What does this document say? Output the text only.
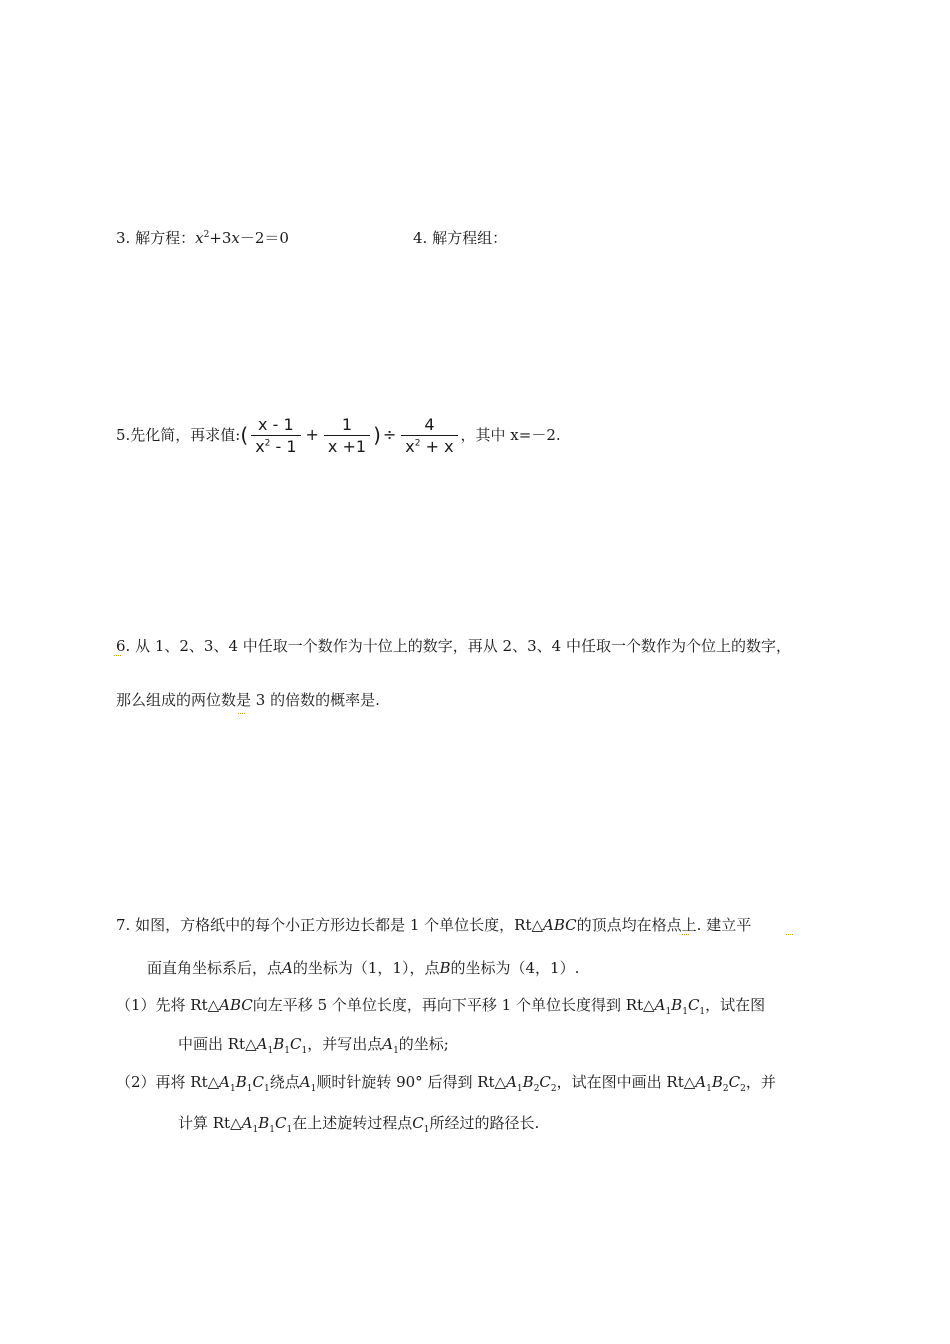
3. 解方程：$x^2+3x-2=0$	4. 解方程组：
5.先化简，再求值:( $\frac{x - 1}{x^2 - 1} + \frac{1}{x +1}$ ) ÷ $\frac{4}{x^2 + x}$ ，其中 x=－2.
6. 从 1、2、3、4 中任取一个数作为十位上的数字，再从 2、3、4 中任取一个数作为个位上的数字，
那么组成的两位数是 3 的倍数的概率是.
7. 如图，方格纸中的每个小正方形边长都是 1 个单位长度，Rt△ABC的顶点均在格点上. 建立平
面直角坐标系后，点A的坐标为（1，1），点B的坐标为（4，1）.
（1）先将 Rt△ABC向左平移 5 个单位长度，再向下平移 1 个单位长度得到 $Rt\triangle A_1B_1C_1$，试在图
中画出 $Rt\triangle A_1B_1C_1$，并写出点$A_1$的坐标;
（2）再将 $Rt\triangle A_1B_1C_1$绕点$A_1$顺时针旋转 90° 后得到 $Rt\triangle A_1B_2C_2$，试在图中画出 $Rt\triangle A_1B_2C_2$，并
计算 $Rt\triangle A_1B_1C_1$在上述旋转过程点$C_1$所经过的路径长.
